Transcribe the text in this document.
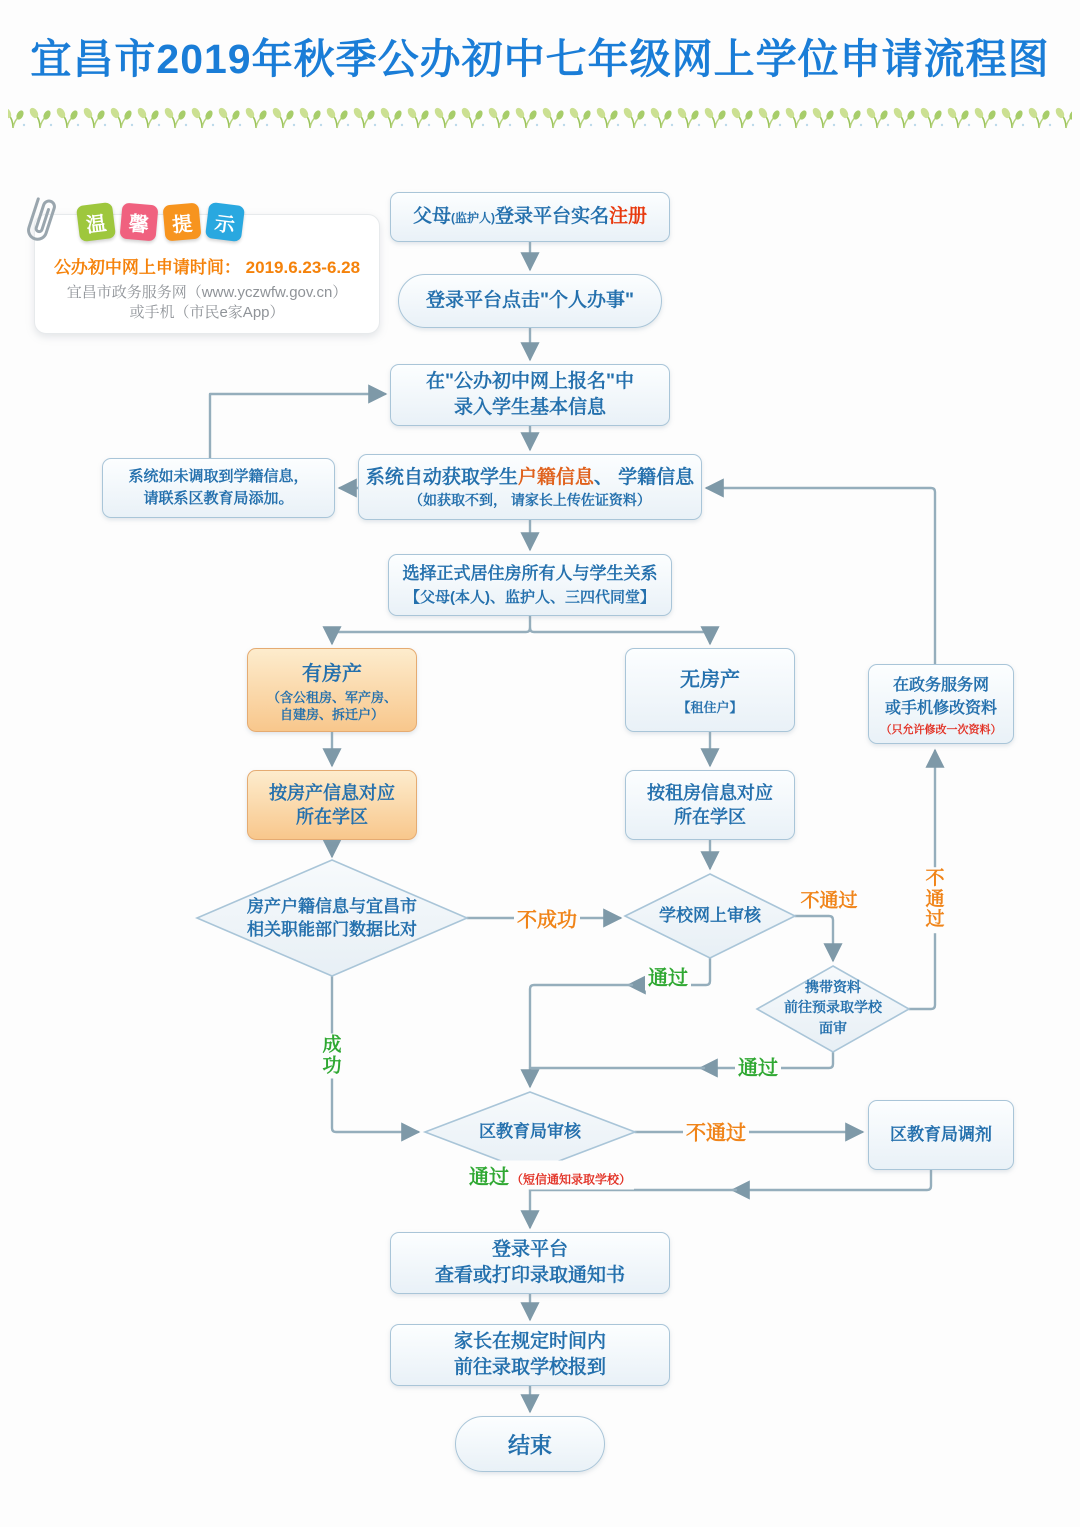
宜昌市2019年秋季公办初中七年级网上学位申请流程图
公办初中网上申请时间： 2019.6.23-6.28
宜昌市政务服务网（www.yczwfw.gov.cn）
或手机（市民e家App）
温	馨	提	示	父母(监护人)登录平台实名注册
登录平台点击"个人办事"
在"公办初中网上报名"中
录入学生基本信息
系统自动获取学生户籍信息、 学籍信息
（如获取不到， 请家长上传佐证资料）
系统如未调取到学籍信息，
请联系区教育局添加。
选择正式居住房所有人与学生关系
【父母(本人)、监护人、三四代同堂】
有房产
（含公租房、军产房、
自建房、拆迁户）
无房产
【租住户】
在政务服务网
或手机修改资料
（只允许修改一次资料）
按房产信息对应
所在学区
按租房信息对应
所在学区
房产户籍信息与宜昌市
相关职能部门数据比对
学校网上审核
携带资料
前往预录取学校
面审
区教育局审核	区教育局调剂
登录平台
查看或打印录取通知书
家长在规定时间内
前往录取学校报到
结束
不成功
通过
不通过
不通过
通过
成功
不通过
通过 （短信通知录取学校）
